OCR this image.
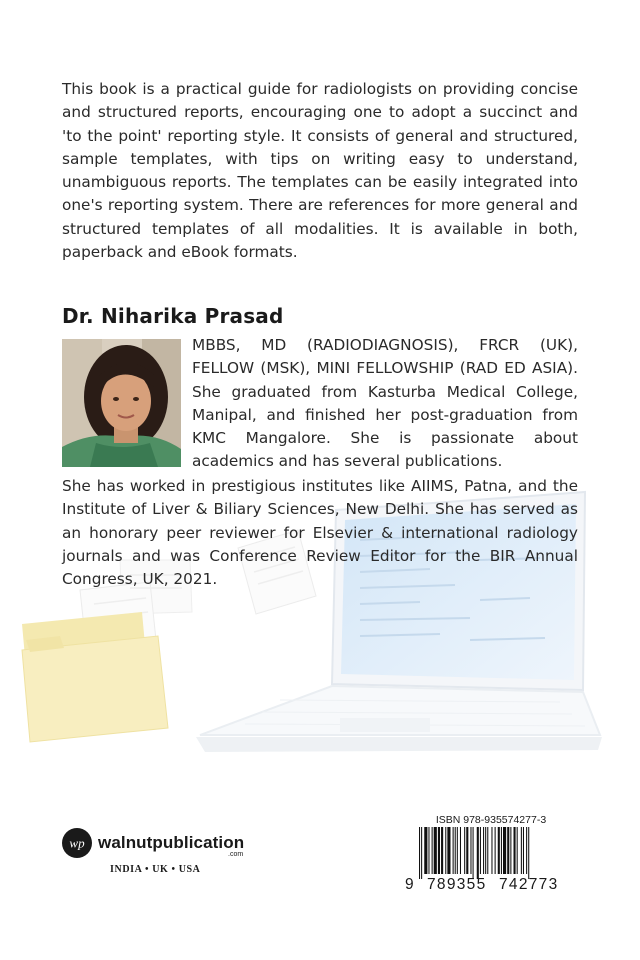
This book is a practical guide for radiologists on providing concise and structured reports, encouraging one to adopt a succinct and 'to the point' reporting style. It consists of general and structured, sample templates, with tips on writing easy to understand, unambiguous reports. The templates can be easily integrated into one's reporting system. There are references for more general and structured templates of all modalities. It is available in both, paperback and eBook formats.

Dr. Niharika Prasad

MBBS, MD (RADIODIAGNOSIS), FRCR (UK), FELLOW (MSK), MINI FELLOWSHIP (RAD ED ASIA). She graduated from Kasturba Medical College, Manipal, and finished her post-graduation from KMC Mangalore. She is passionate about academics and has several publications.

She has worked in prestigious institutes like AIIMS, Patna, and the Institute of Liver & Biliary Sciences, New Delhi. She has served as an honorary peer reviewer for Elsevier & international radiology journals and was Conference Review Editor for the BIR Annual Congress, UK, 2021.

wp walnutpublication
.com
INDIA • UK • USA
ISBN 978-935574277-3
9 789355 742773
